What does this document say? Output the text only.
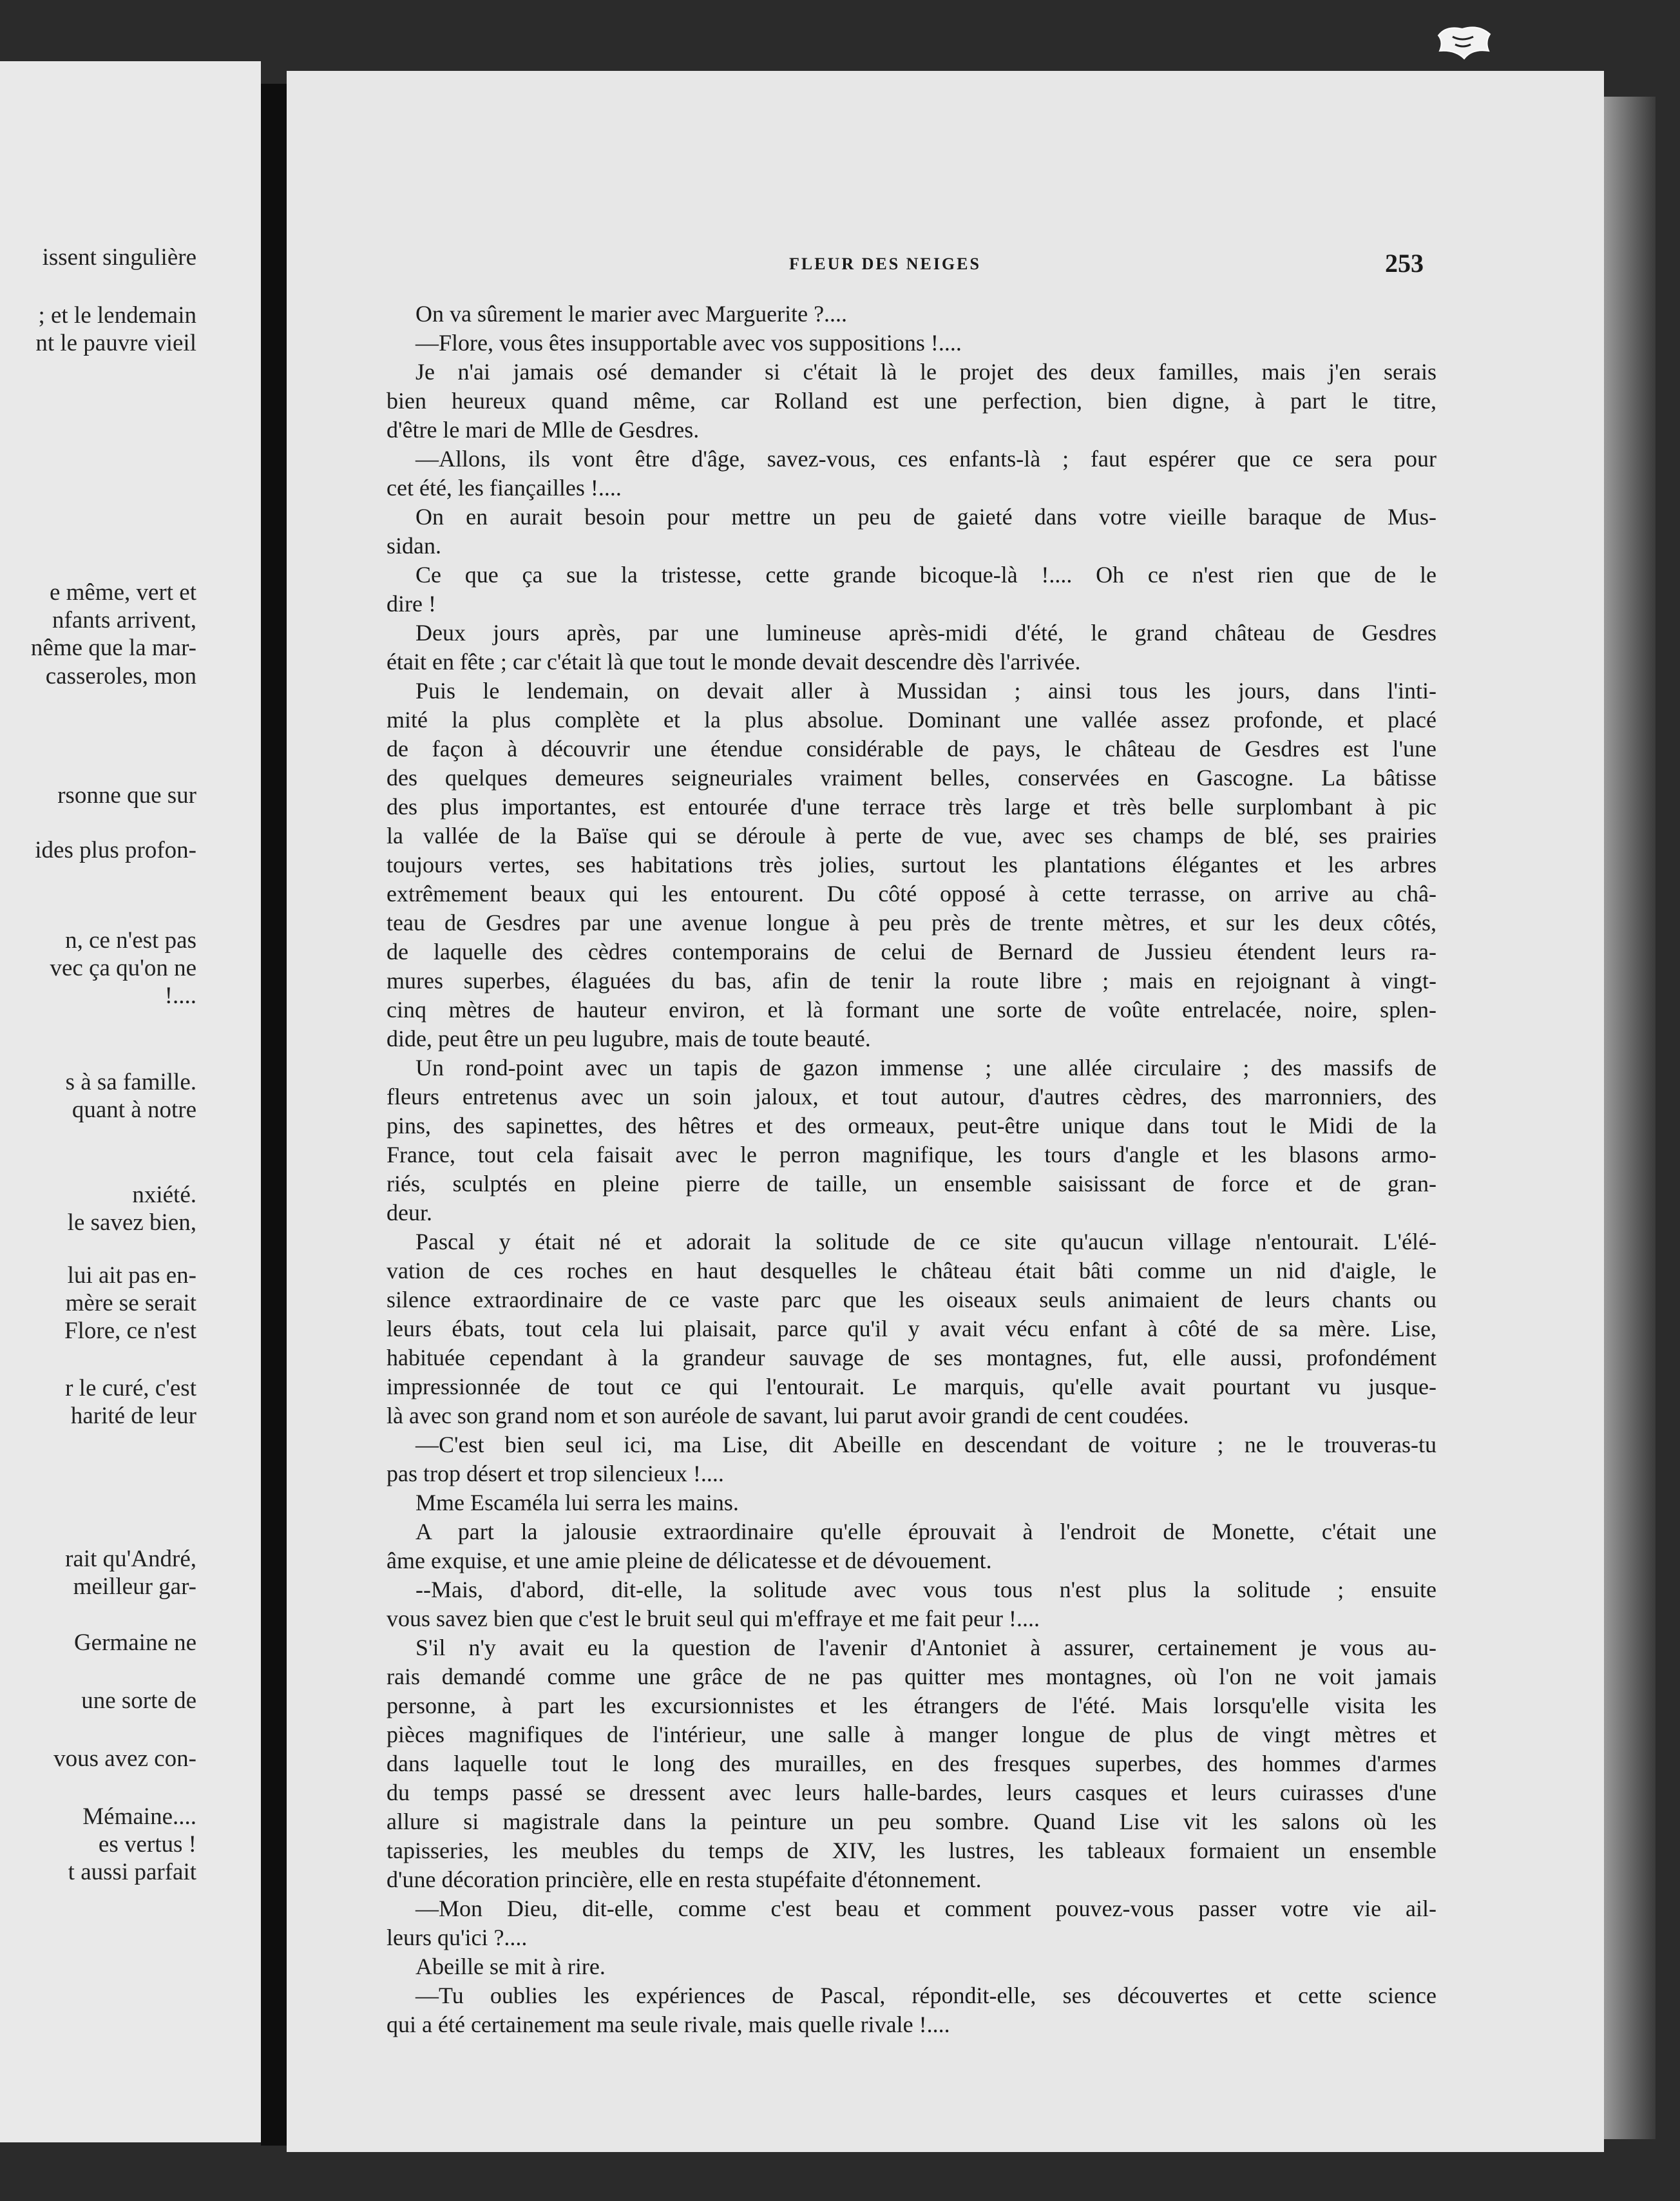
issent singulière
; et le lendemain
nt le pauvre vieil
e même, vert et
nfants arrivent,
nême que la mar-
casseroles, mon
rsonne que sur
ides plus profon-
n, ce n'est pas
vec ça qu'on ne
!....
s à sa famille.
quant à notre
nxiété.
le savez bien,
lui ait pas en-
mère se serait
Flore, ce n'est
r le curé, c'est
harité de leur
rait qu'André,
meilleur gar-
Germaine ne
une sorte de
vous avez con-
Mémaine....
es vertus !
t aussi parfait
FLEUR DES NEIGES	253
On va sûrement le marier avec Marguerite ?....
—Flore, vous êtes insupportable avec vos suppositions !....
Je n'ai jamais osé demander si c'était là le projet des deux familles, mais j'en serais
bien heureux quand même, car Rolland est une perfection, bien digne, à part le titre,
d'être le mari de Mlle de Gesdres.
—Allons, ils vont être d'âge, savez-vous, ces enfants-là ; faut espérer que ce sera pour
cet été, les fiançailles !....
On en aurait besoin pour mettre un peu de gaieté dans votre vieille baraque de Mus-
sidan.
Ce que ça sue la tristesse, cette grande bicoque-là !.... Oh ce n'est rien que de le
dire !
Deux jours après, par une lumineuse après-midi d'été, le grand château de Gesdres
était en fête ; car c'était là que tout le monde devait descendre dès l'arrivée.
Puis le lendemain, on devait aller à Mussidan ; ainsi tous les jours, dans l'inti-
mité la plus complète et la plus absolue. Dominant une vallée assez profonde, et placé
de façon à découvrir une étendue considérable de pays, le château de Gesdres est l'une
des quelques demeures seigneuriales vraiment belles, conservées en Gascogne. La bâtisse
des plus importantes, est entourée d'une terrace très large et très belle surplombant à pic
la vallée de la Baïse qui se déroule à perte de vue, avec ses champs de blé, ses prairies
toujours vertes, ses habitations très jolies, surtout les plantations élégantes et les arbres
extrêmement beaux qui les entourent. Du côté opposé à cette terrasse, on arrive au châ-
teau de Gesdres par une avenue longue à peu près de trente mètres, et sur les deux côtés,
de laquelle des cèdres contemporains de celui de Bernard de Jussieu étendent leurs ra-
mures superbes, élaguées du bas, afin de tenir la route libre ; mais en rejoignant à vingt-
cinq mètres de hauteur environ, et là formant une sorte de voûte entrelacée, noire, splen-
dide, peut être un peu lugubre, mais de toute beauté.
Un rond-point avec un tapis de gazon immense ; une allée circulaire ; des massifs de
fleurs entretenus avec un soin jaloux, et tout autour, d'autres cèdres, des marronniers, des
pins, des sapinettes, des hêtres et des ormeaux, peut-être unique dans tout le Midi de la
France, tout cela faisait avec le perron magnifique, les tours d'angle et les blasons armo-
riés, sculptés en pleine pierre de taille, un ensemble saisissant de force et de gran-
deur.
Pascal y était né et adorait la solitude de ce site qu'aucun village n'entourait. L'élé-
vation de ces roches en haut desquelles le château était bâti comme un nid d'aigle, le
silence extraordinaire de ce vaste parc que les oiseaux seuls animaient de leurs chants ou
leurs ébats, tout cela lui plaisait, parce qu'il y avait vécu enfant à côté de sa mère. Lise,
habituée cependant à la grandeur sauvage de ses montagnes, fut, elle aussi, profondément
impressionnée de tout ce qui l'entourait. Le marquis, qu'elle avait pourtant vu jusque-
là avec son grand nom et son auréole de savant, lui parut avoir grandi de cent coudées.
—C'est bien seul ici, ma Lise, dit Abeille en descendant de voiture ; ne le trouveras-tu
pas trop désert et trop silencieux !....
Mme Escaméla lui serra les mains.
A part la jalousie extraordinaire qu'elle éprouvait à l'endroit de Monette, c'était une
âme exquise, et une amie pleine de délicatesse et de dévouement.
--Mais, d'abord, dit-elle, la solitude avec vous tous n'est plus la solitude ; ensuite
vous savez bien que c'est le bruit seul qui m'effraye et me fait peur !....
S'il n'y avait eu la question de l'avenir d'Antoniet à assurer, certainement je vous au-
rais demandé comme une grâce de ne pas quitter mes montagnes, où l'on ne voit jamais
personne, à part les excursionnistes et les étrangers de l'été. Mais lorsqu'elle visita les
pièces magnifiques de l'intérieur, une salle à manger longue de plus de vingt mètres et
dans laquelle tout le long des murailles, en des fresques superbes, des hommes d'armes
du temps passé se dressent avec leurs halle-bardes, leurs casques et leurs cuirasses d'une
allure si magistrale dans la peinture un peu sombre. Quand Lise vit les salons où les
tapisseries, les meubles du temps de XIV, les lustres, les tableaux formaient un ensemble
d'une décoration princière, elle en resta stupéfaite d'étonnement.
—Mon Dieu, dit-elle, comme c'est beau et comment pouvez-vous passer votre vie ail-
leurs qu'ici ?....
Abeille se mit à rire.
—Tu oublies les expériences de Pascal, répondit-elle, ses découvertes et cette science
qui a été certainement ma seule rivale, mais quelle rivale !....
